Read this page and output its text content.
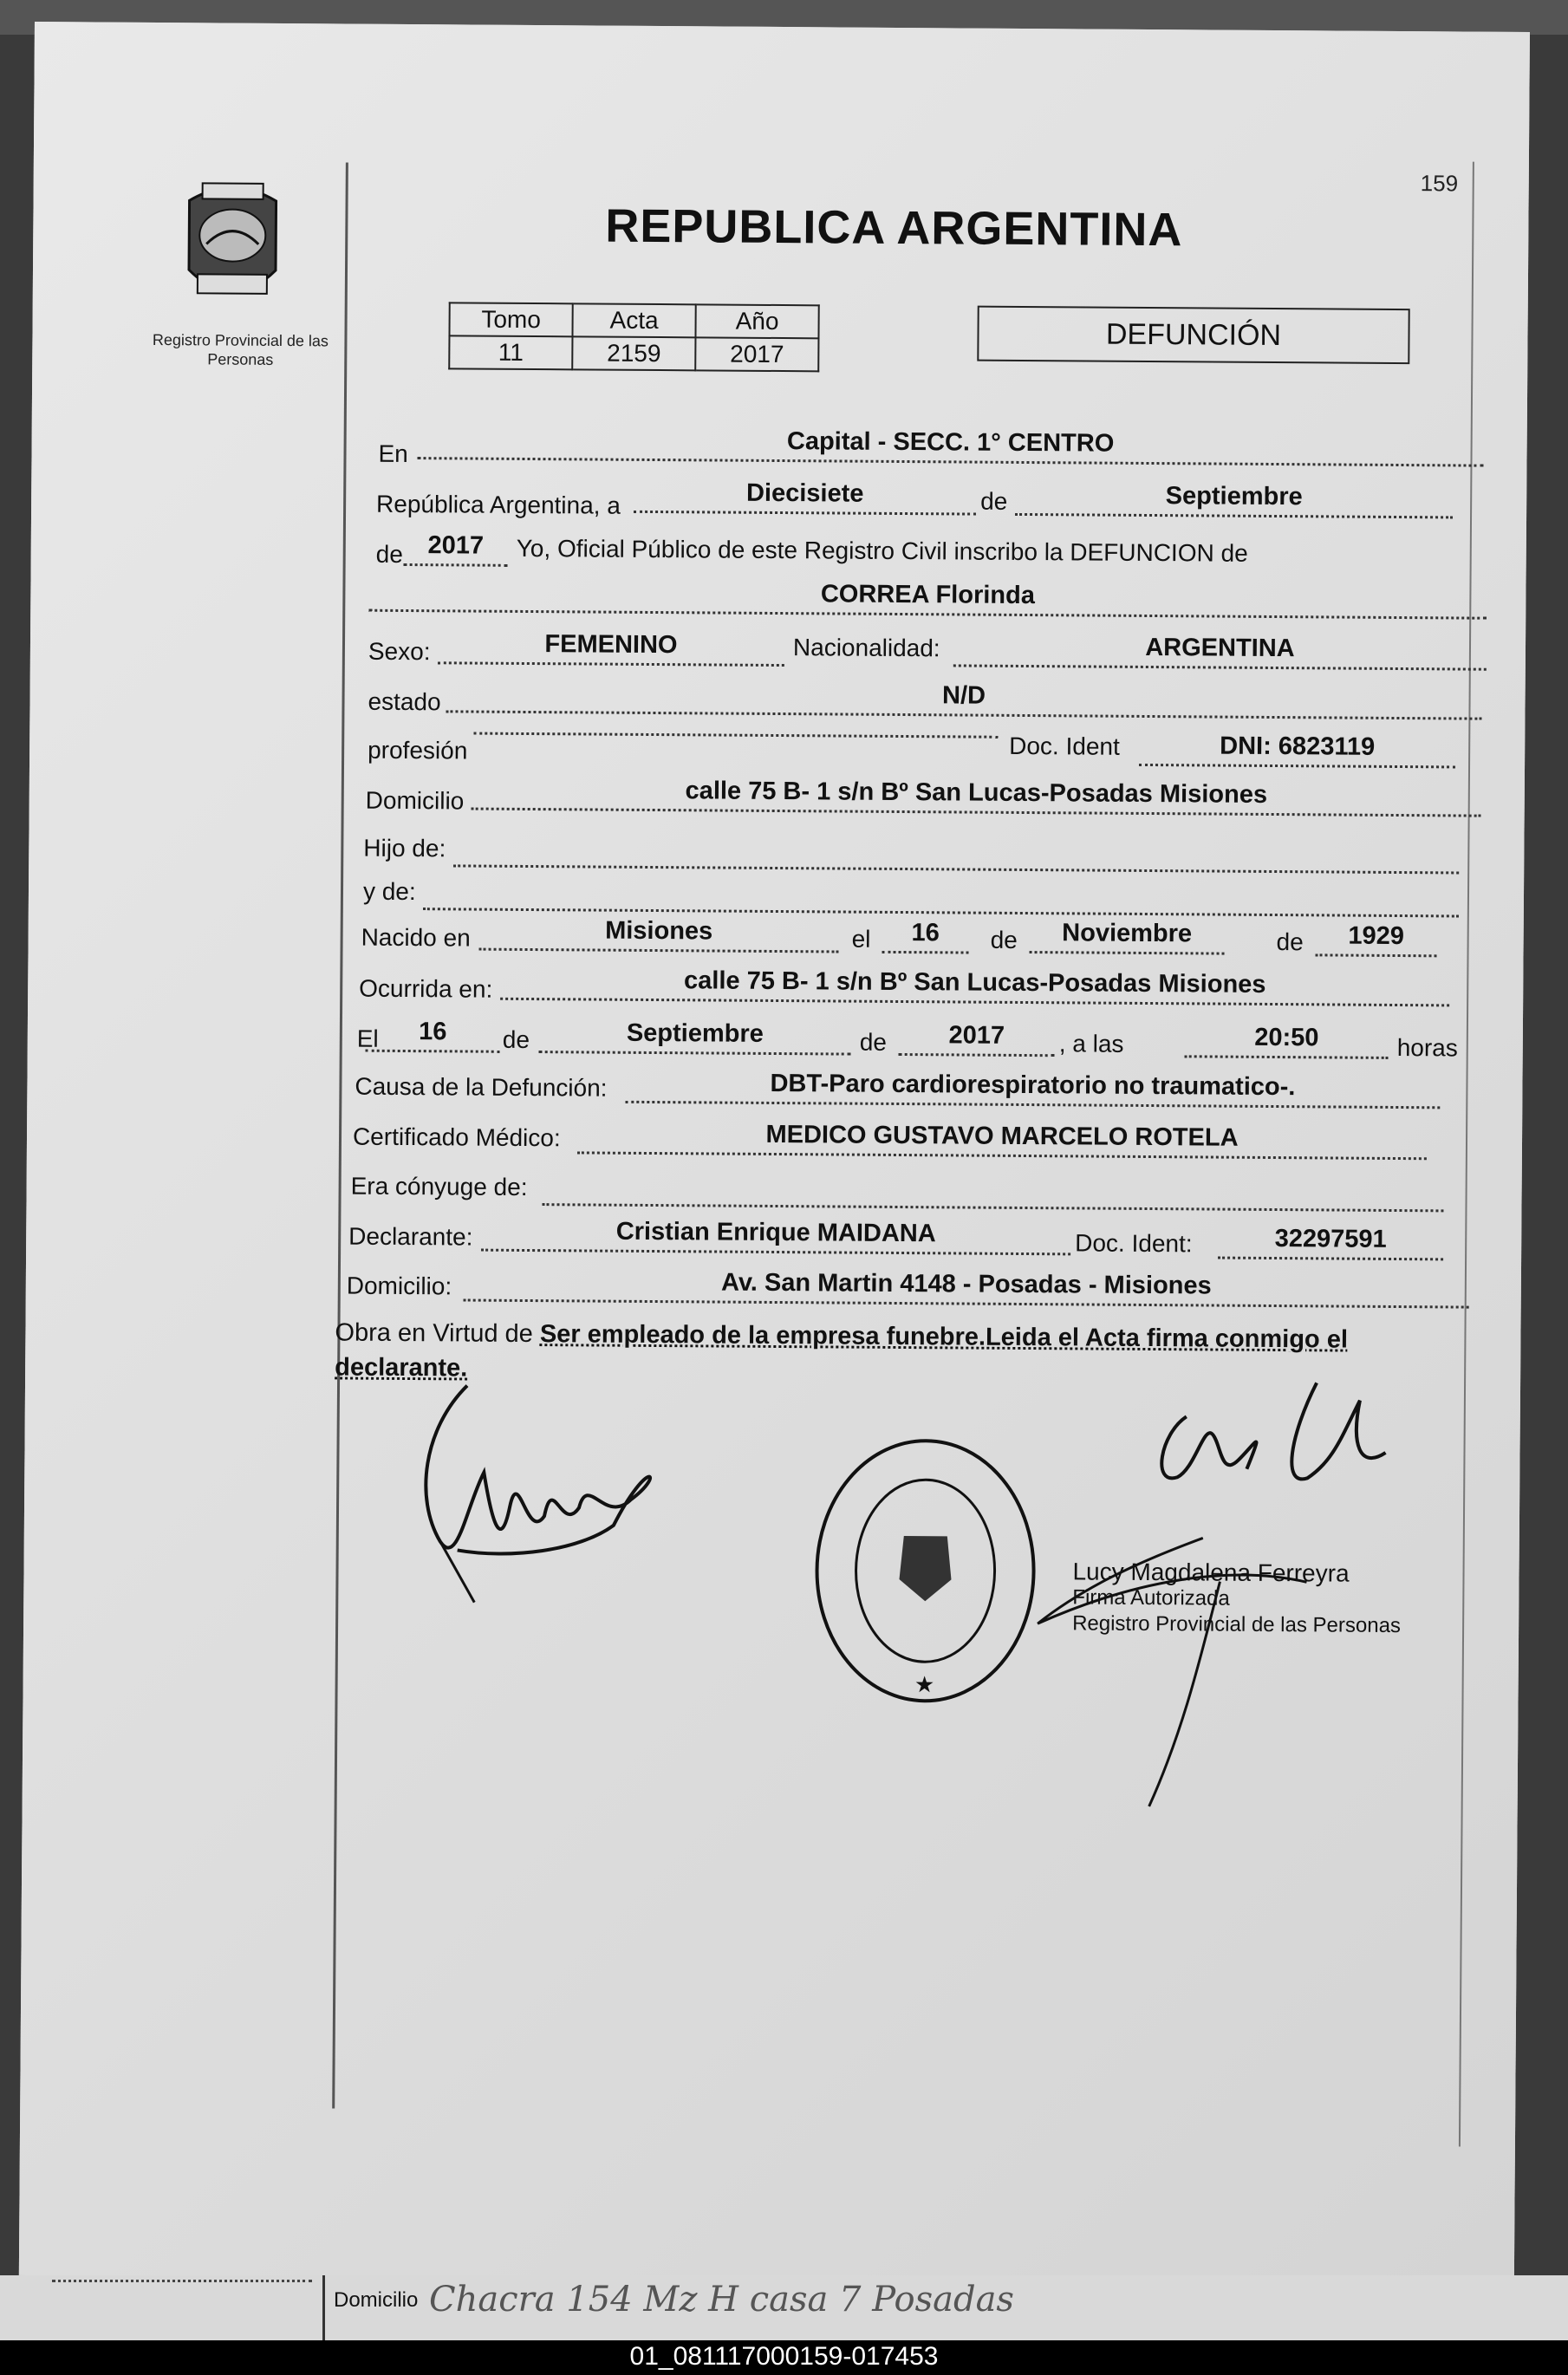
159
Registro Provincial de las Personas
REPUBLICA ARGENTINA
Tomo	Acta	Año
11	2159	2017
DEFUNCIÓN
En	Capital - SECC. 1° CENTRO
República Argentina, a	Diecisiete	de	Septiembre
de 2017	Yo, Oficial Público de este Registro Civil inscribo la DEFUNCION de
CORREA Florinda
Sexo:	FEMENINO	Nacionalidad:	ARGENTINA
estado	N/D
profesión	Doc. Ident	DNI: 6823119
Domicilio	calle 75 B- 1 s/n Bº San Lucas-Posadas Misiones
Hijo de:
y de:
Nacido en	Misiones	el	16	de	Noviembre	de	1929
Ocurrida en:	calle 75 B- 1 s/n Bº San Lucas-Posadas Misiones
El	16	de	Septiembre	de	2017	, a las	20:50	horas
Causa de la Defunción:	DBT-Paro cardiorespiratorio no traumatico-.
Certificado Médico:	MEDICO GUSTAVO MARCELO ROTELA
Era cónyuge de:
Declarante:	Cristian Enrique MAIDANA	Doc. Ident:	32297591
Domicilio:	Av. San Martin 4148 - Posadas - Misiones
Obra en Virtud de Ser empleado de la empresa funebre.Leida el Acta firma conmigo el declarante.
★
Lucy Magdalena Ferreyra
Firma Autorizada
Registro Provincial de las Personas
Domicilio Chacra 154 Mz H casa 7 Posadas
01_081117000159-017453
